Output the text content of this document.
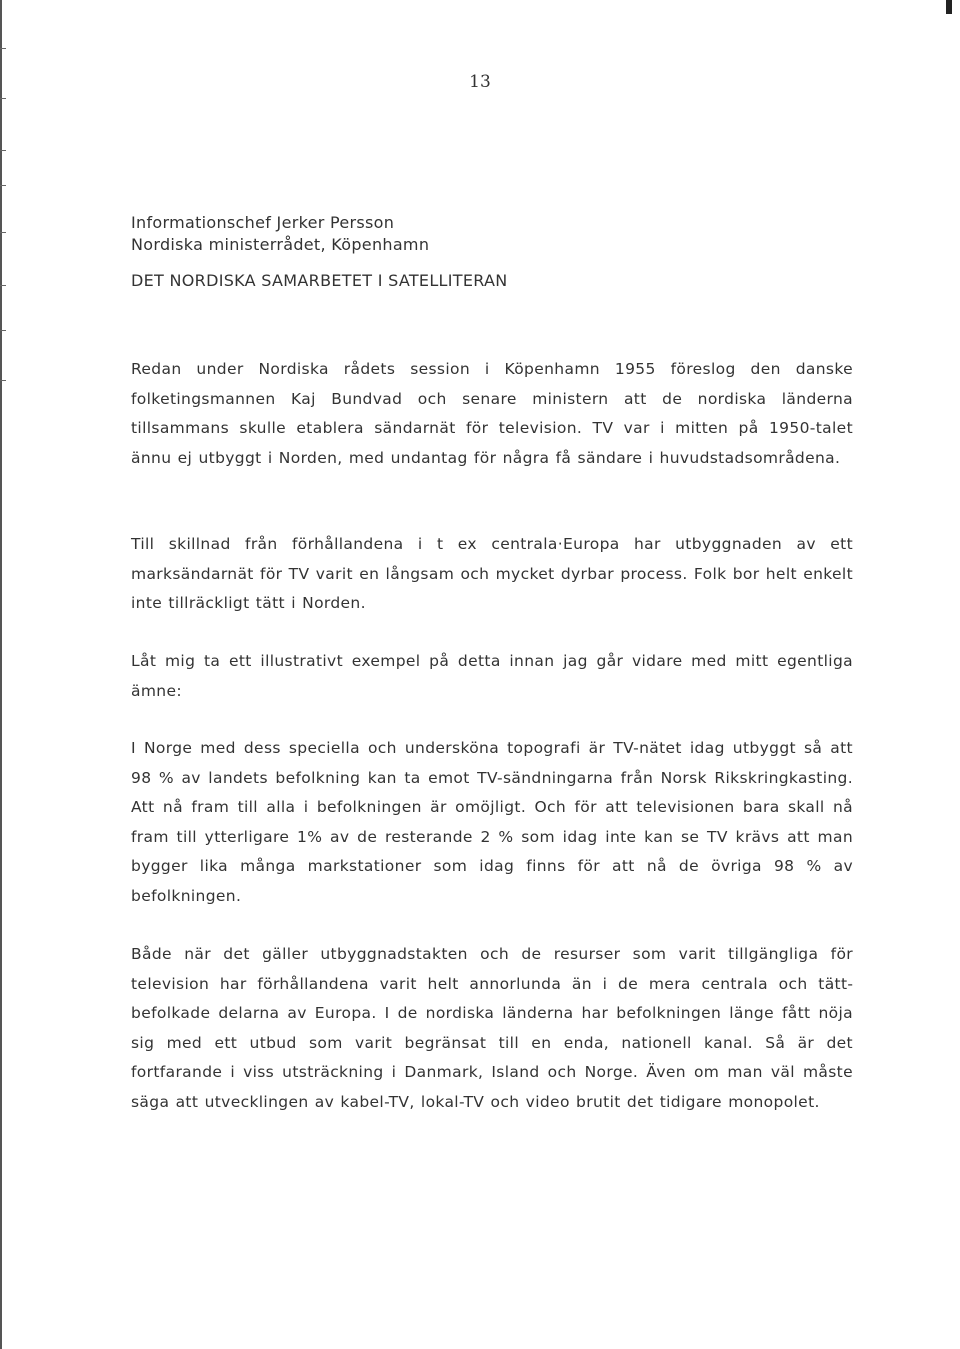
13
Informationschef Jerker Persson
Nordiska ministerrådet, Köpenhamn
DET NORDISKA SAMARBETET I SATELLITERAN

Redan under Nordiska rådets session i Köpenhamn 1955 föreslog den danske folketingsmannen Kaj Bundvad och senare ministern att de nordiska länderna tillsammans skulle etablera sändarnät för television. TV var i mitten på 1950-talet ännu ej utbyggt i Norden, med undantag för några få sändare i huvudstadsområdena.

Till skillnad från förhållandena i t ex centrala·Europa har utbyggnaden av ett marksändarnät för TV varit en långsam och mycket dyrbar process. Folk bor helt enkelt inte tillräckligt tätt i Norden.

Låt mig ta ett illustrativt exempel på detta innan jag går vidare med mitt egentliga ämne:

I Norge med dess speciella och undersköna topografi är TV-nätet idag utbyggt så att 98 % av landets befolkning kan ta emot TV-sändningarna från Norsk Rikskringkasting. Att nå fram till alla i befolkningen är omöjligt. Och för att televisionen bara skall nå fram till ytterligare 1% av de resterande 2 % som idag inte kan se TV krävs att man bygger lika många markstationer som idag finns för att nå de övriga 98 % av befolkningen.

Både när det gäller utbyggnadstakten och de resurser som varit tillgängliga för television har förhållandena varit helt annorlunda än i de mera centrala och tättbefolkade delarna av Europa. I de nordiska länderna har befolkningen länge fått nöja sig med ett utbud som varit begränsat till en enda, nationell kanal. Så är det fortfarande i viss utsträckning i Danmark, Island och Norge. Även om man väl måste säga att utvecklingen av kabel-TV, lokal-TV och video brutit det tidigare monopolet.
